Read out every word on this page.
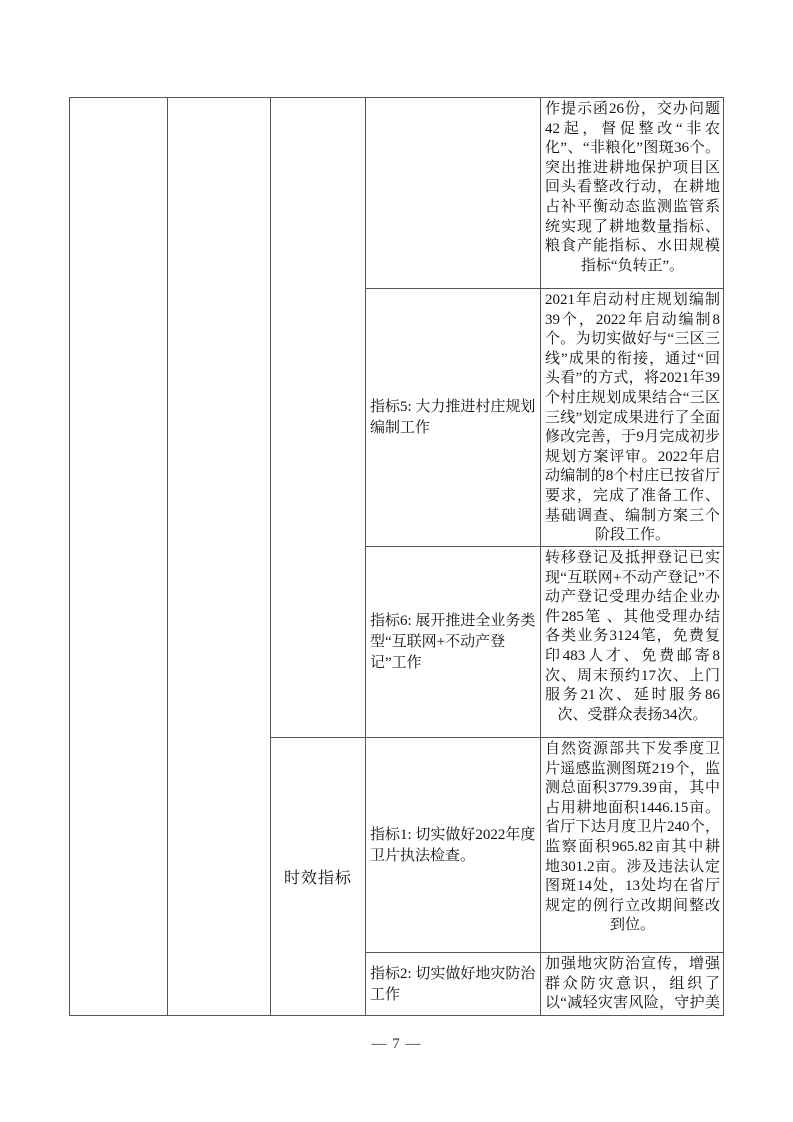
作提示函26份，交办问题42起，督促整改“非农化”、“非粮化”图斑36个。突出推进耕地保护项目区回头看整改行动，在耕地占补平衡动态监测监管系统实现了耕地数量指标、粮食产能指标、水田规模指标“负转正”。
指标5: 大力推进村庄规划编制工作
2021年启动村庄规划编制39个，2022年启动编制8个。为切实做好与“三区三线”成果的衔接，通过“回头看”的方式，将2021年39个村庄规划成果结合“三区三线”划定成果进行了全面修改完善，于9月完成初步规划方案评审。2022年启动编制的8个村庄已按省厅要求，完成了准备工作、基础调查、编制方案三个阶段工作。
指标6: 展开推进全业务类型“互联网+不动产登记”工作
转移登记及抵押登记已实现“互联网+不动产登记”不动产登记受理办结企业办件285笔 、其他受理办结各类业务3124笔，免费复印483人才、免费邮寄8次、周末预约17次、上门服务21次、延时服务86次、受群众表扬34次。
时效指标
指标1: 切实做好2022年度卫片执法检查。
自然资源部共下发季度卫片遥感监测图斑219个，监测总面积3779.39亩，其中占用耕地面积1446.15亩。省厅下达月度卫片240个，监察面积965.82亩其中耕地301.2亩。涉及违法认定图斑14处，13处均在省厅规定的例行立改期间整改到位。
指标2: 切实做好地灾防治工作
加强地灾防治宣传，增强群众防灾意识，组织了以“减轻灾害风险，守护美
— 7 —
